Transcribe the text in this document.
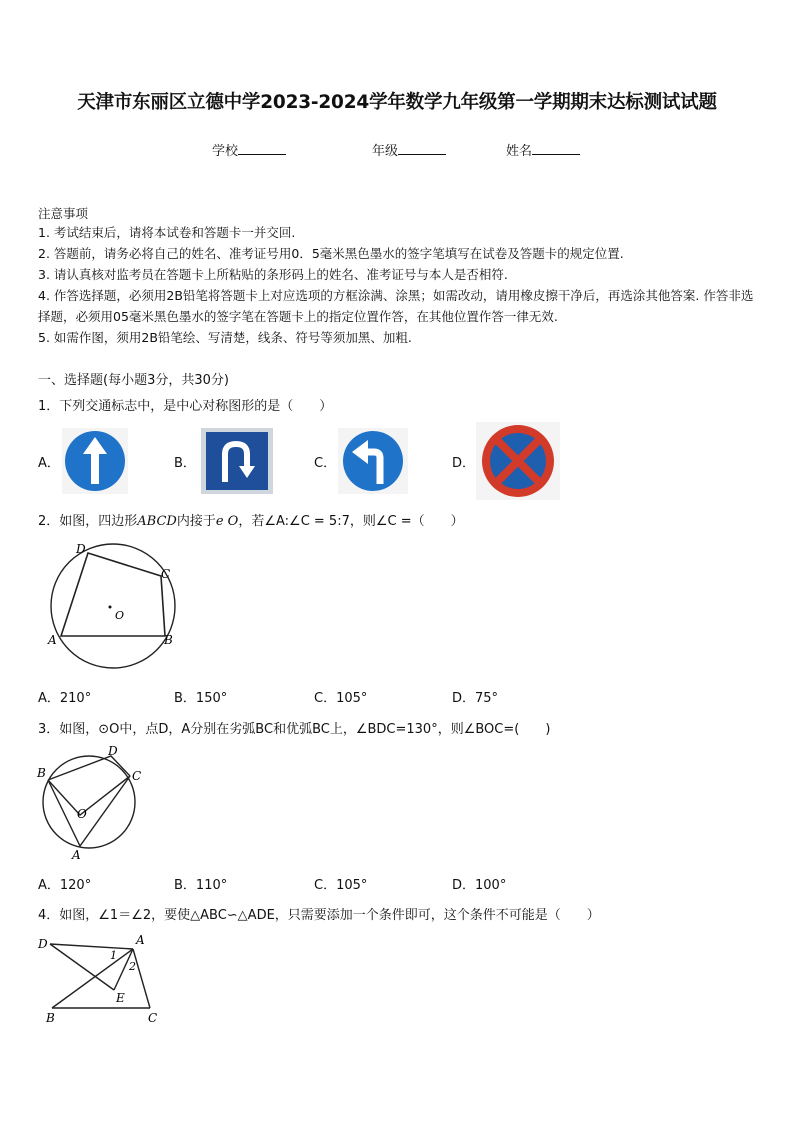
天津市东丽区立德中学2023-2024学年数学九年级第一学期期末达标测试试题
学校	年级	姓名
注意事项
1. 考试结束后，请将本试卷和答题卡一并交回.
2. 答题前，请务必将自己的姓名、准考证号用0．5毫米黑色墨水的签字笔填写在试卷及答题卡的规定位置.
3. 请认真核对监考员在答题卡上所粘贴的条形码上的姓名、准考证号与本人是否相符.
4. 作答选择题，必须用2B铅笔将答题卡上对应选项的方框涂满、涂黑；如需改动，请用橡皮擦干净后，再选涂其他答案. 作答非选择题，必须用05毫米黑色墨水的签字笔在答题卡上的指定位置作答，在其他位置作答一律无效.
5. 如需作图，须用2B铅笔绘、写清楚，线条、符号等须加黑、加粗.
一、选择题(每小题3分，共30分)
1．下列交通标志中，是中心对称图形的是（　　）
A．	B．	C．	D．
2．如图，四边形ABCD内接于e O，若∠A:∠C = 5:7，则∠C =（　　）
D
C
A	B
O
A．210°	B．150°	C．105°	D．75°
3．如图，⊙O中，点D，A分别在劣弧BC和优弧BC上，∠BDC=130°，则∠BOC=(　　)
D
B	C
O
A
A．120°	B．110°	C．105°	D．100°
4．如图，∠1＝∠2，要使△ABC∽△ADE，只需要添加一个条件即可，这个条件不可能是（　　）
D	A
1
2
E
B	C
